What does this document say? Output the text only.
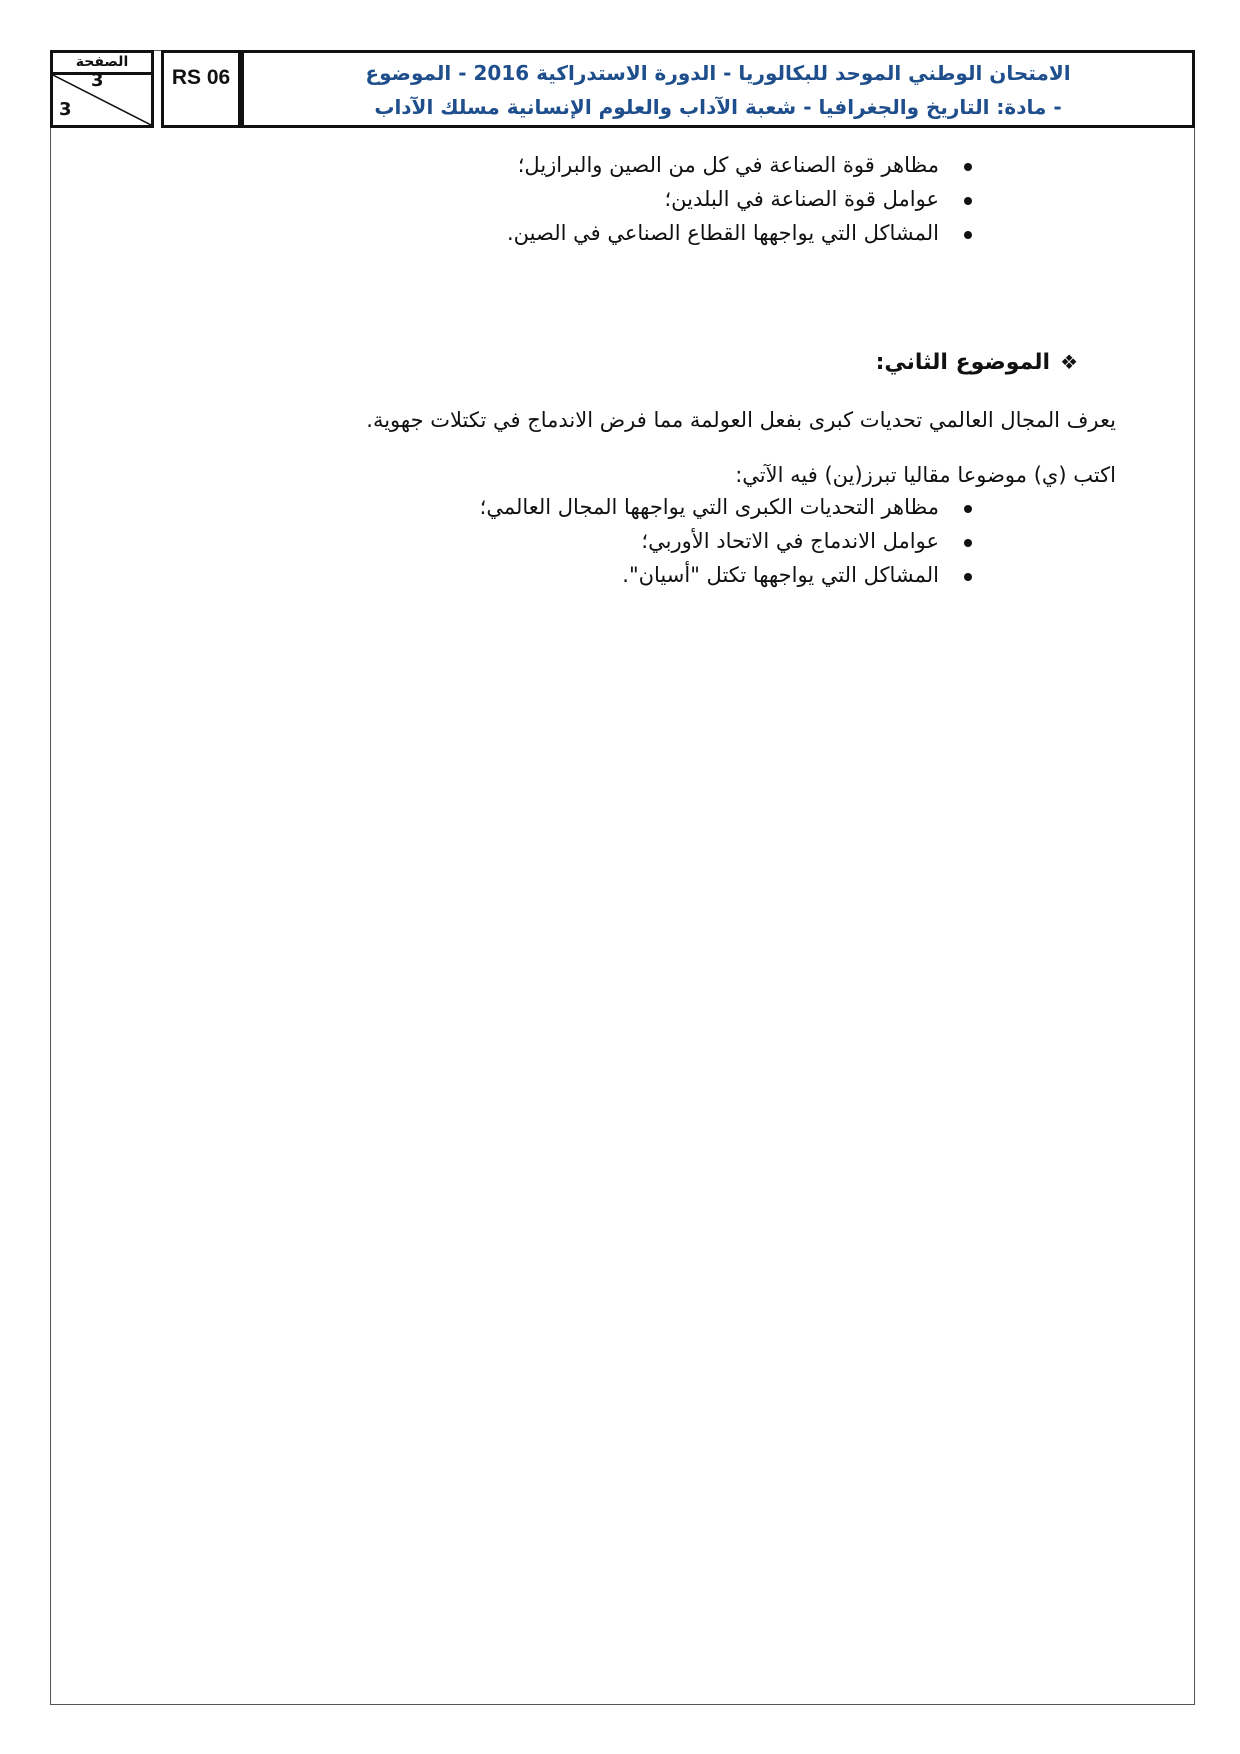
الصفحة
3
3
RS 06	الامتحان الوطني الموحد للبكالوريا - الدورة الاستدراكية 2016 - الموضوع
- مادة: التاريخ والجغرافيا - شعبة الآداب والعلوم الإنسانية مسلك الآداب
مظاهر قوة الصناعة في كل من الصين والبرازيل؛
عوامل قوة الصناعة في البلدين؛
المشاكل التي يواجهها القطاع الصناعي في الصين.
❖الموضوع الثاني:
يعرف المجال العالمي تحديات كبرى بفعل العولمة مما فرض الاندماج في تكتلات جهوية.
اكتب (ي) موضوعا مقاليا تبرز(ين) فيه الآتي:
مظاهر التحديات الكبرى التي يواجهها المجال العالمي؛
عوامل الاندماج في الاتحاد الأوربي؛
المشاكل التي يواجهها تكتل "أسيان".
